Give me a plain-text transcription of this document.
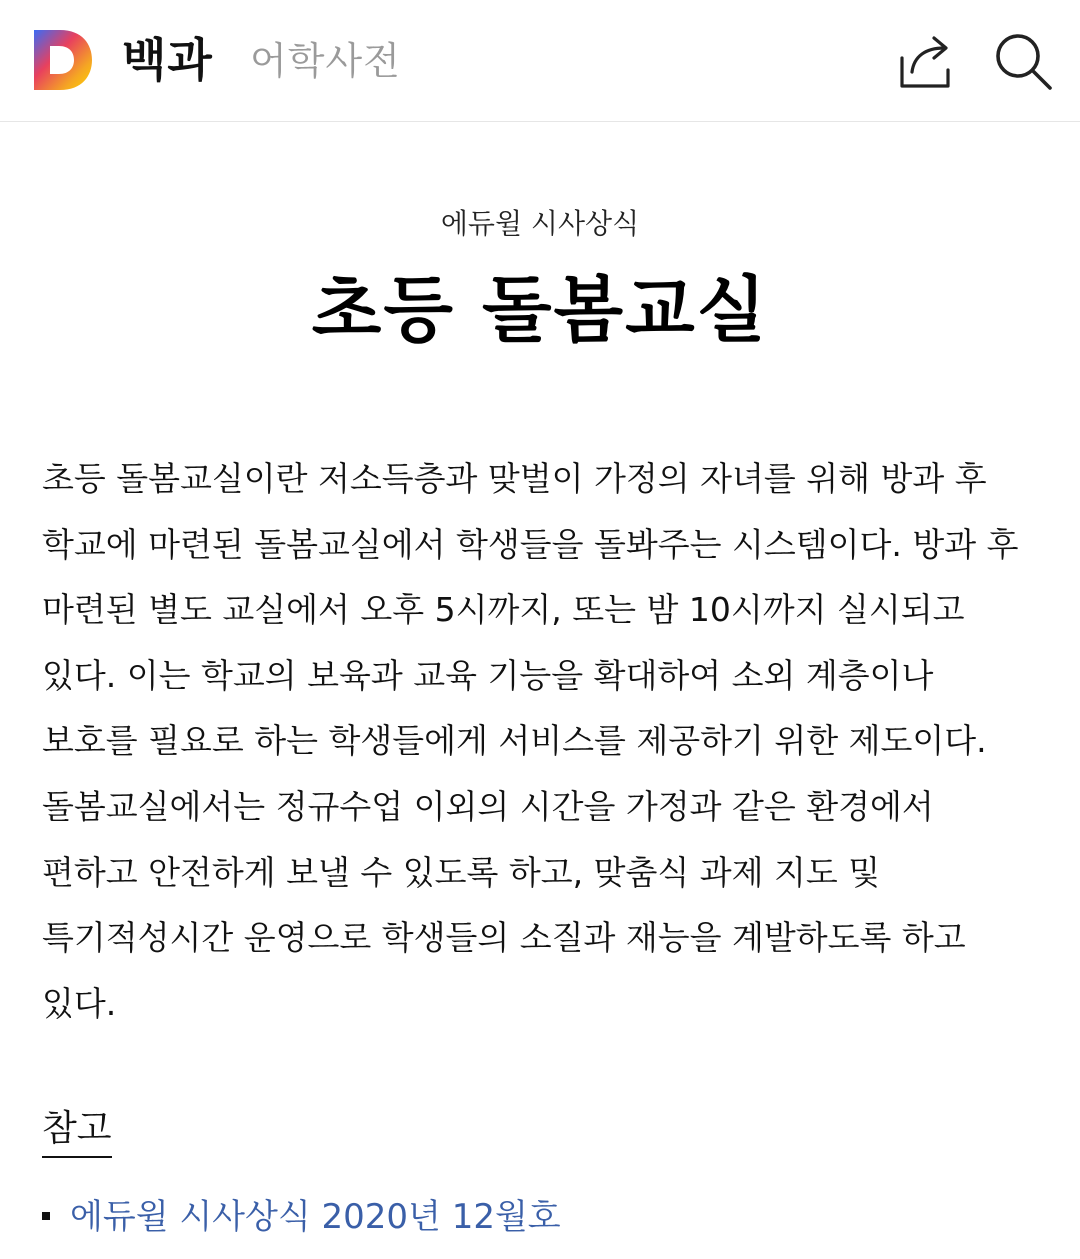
백과 어학사전
에듀윌 시사상식
초등 돌봄교실

초등 돌봄교실이란 저소득층과 맞벌이 가정의 자녀를 위해 방과 후 학교에 마련된 돌봄교실에서 학생들을 돌봐주는 시스템이다. 방과 후 마련된 별도 교실에서 오후 5시까지, 또는 밤 10시까지 실시되고 있다. 이는 학교의 보육과 교육 기능을 확대하여 소외 계층이나 보호를 필요로 하는 학생들에게 서비스를 제공하기 위한 제도이다. 돌봄교실에서는 정규수업 이외의 시간을 가정과 같은 환경에서 편하고 안전하게 보낼 수 있도록 하고, 맞춤식 과제 지도 및 특기적성시간 운영으로 학생들의 소질과 재능을 계발하도록 하고 있다.

참고
에듀윌 시사상식 2020년 12월호
